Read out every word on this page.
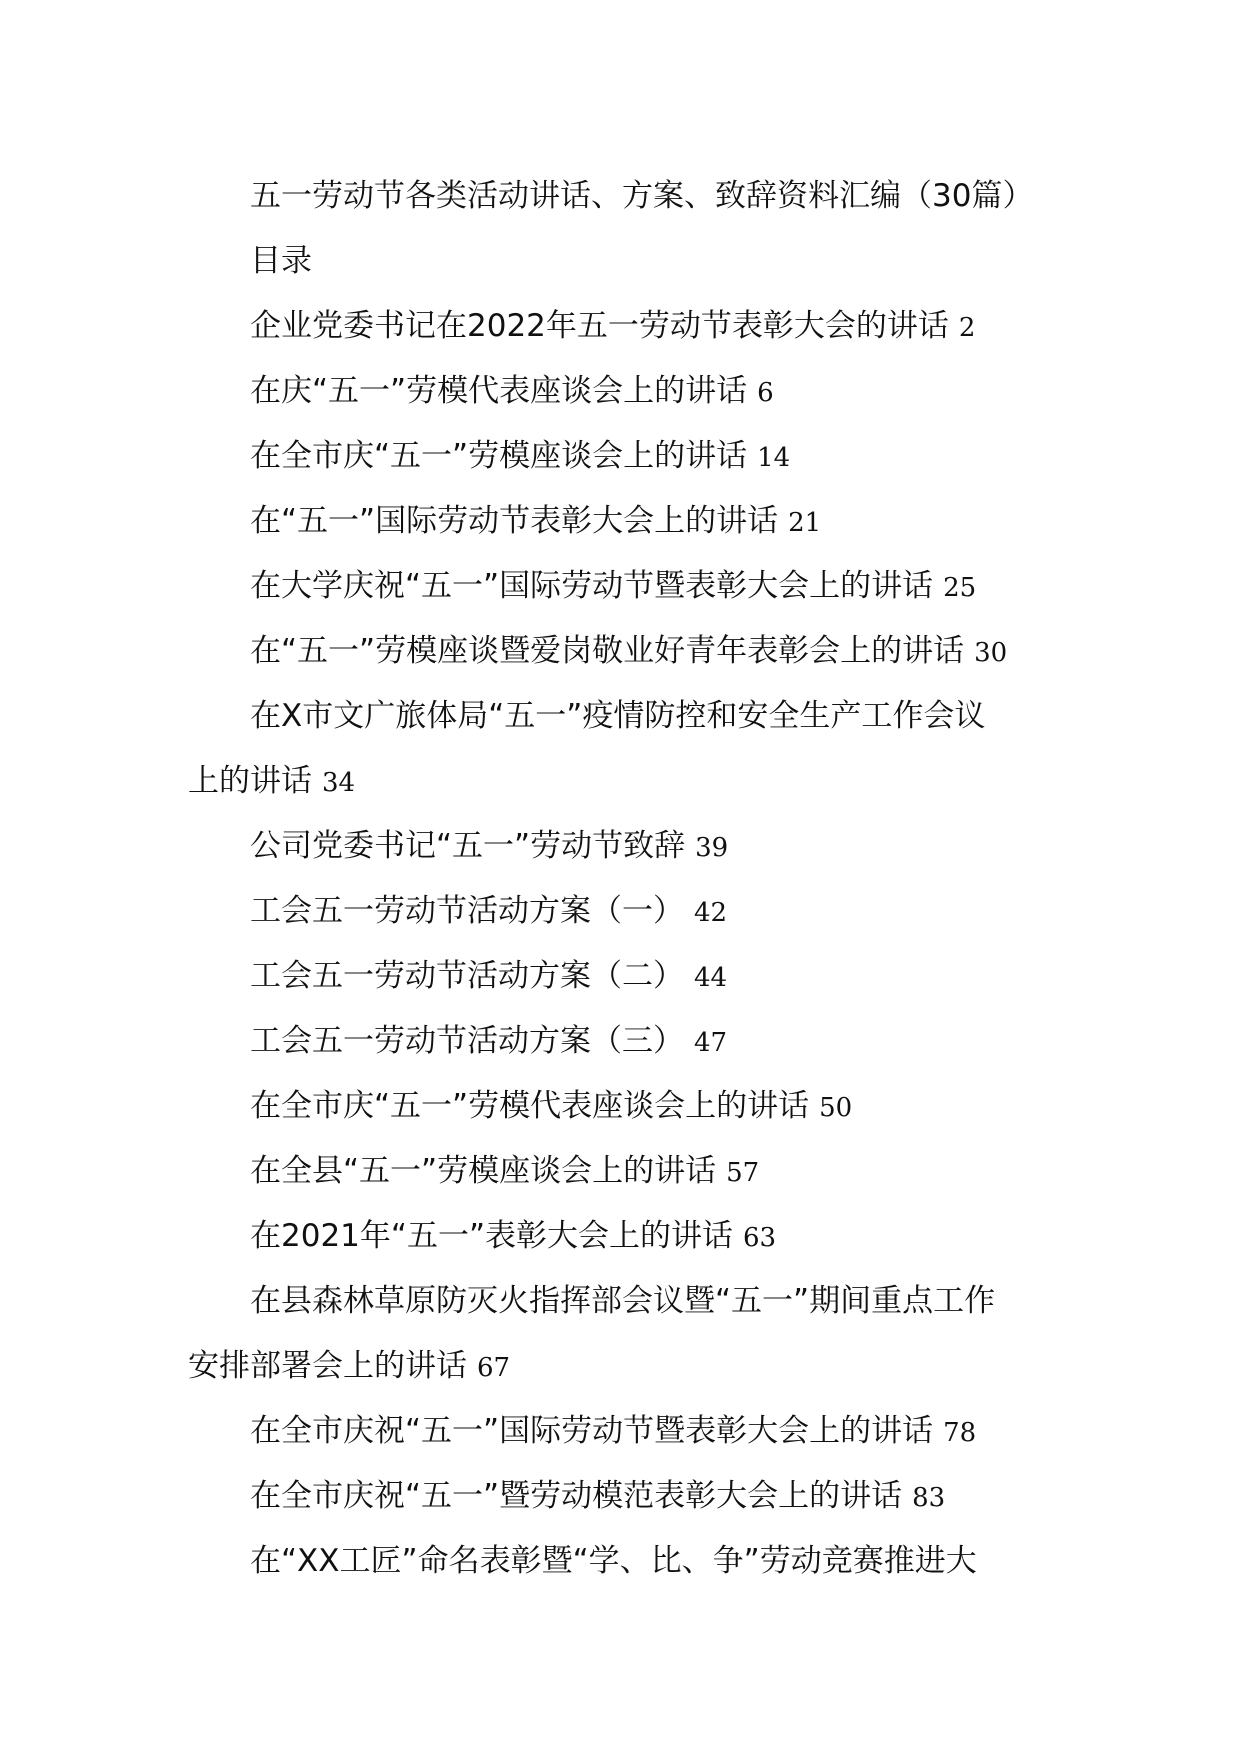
五一劳动节各类活动讲话、方案、致辞资料汇编（30篇）
目录
企业党委书记在2022年五一劳动节表彰大会的讲话 2
在庆“五一”劳模代表座谈会上的讲话 6
在全市庆“五一”劳模座谈会上的讲话 14
在“五一”国际劳动节表彰大会上的讲话 21
在大学庆祝“五一”国际劳动节暨表彰大会上的讲话 25
在“五一”劳模座谈暨爱岗敬业好青年表彰会上的讲话 30
在X市文广旅体局“五一”疫情防控和安全生产工作会议
上的讲话 34
公司党委书记“五一”劳动节致辞 39
工会五一劳动节活动方案（一） 42
工会五一劳动节活动方案（二） 44
工会五一劳动节活动方案（三） 47
在全市庆“五一”劳模代表座谈会上的讲话 50
在全县“五一”劳模座谈会上的讲话 57
在2021年“五一”表彰大会上的讲话 63
在县森林草原防灭火指挥部会议暨“五一”期间重点工作
安排部署会上的讲话 67
在全市庆祝“五一”国际劳动节暨表彰大会上的讲话 78
在全市庆祝“五一”暨劳动模范表彰大会上的讲话 83
在“XX工匠”命名表彰暨“学、比、争”劳动竞赛推进大
